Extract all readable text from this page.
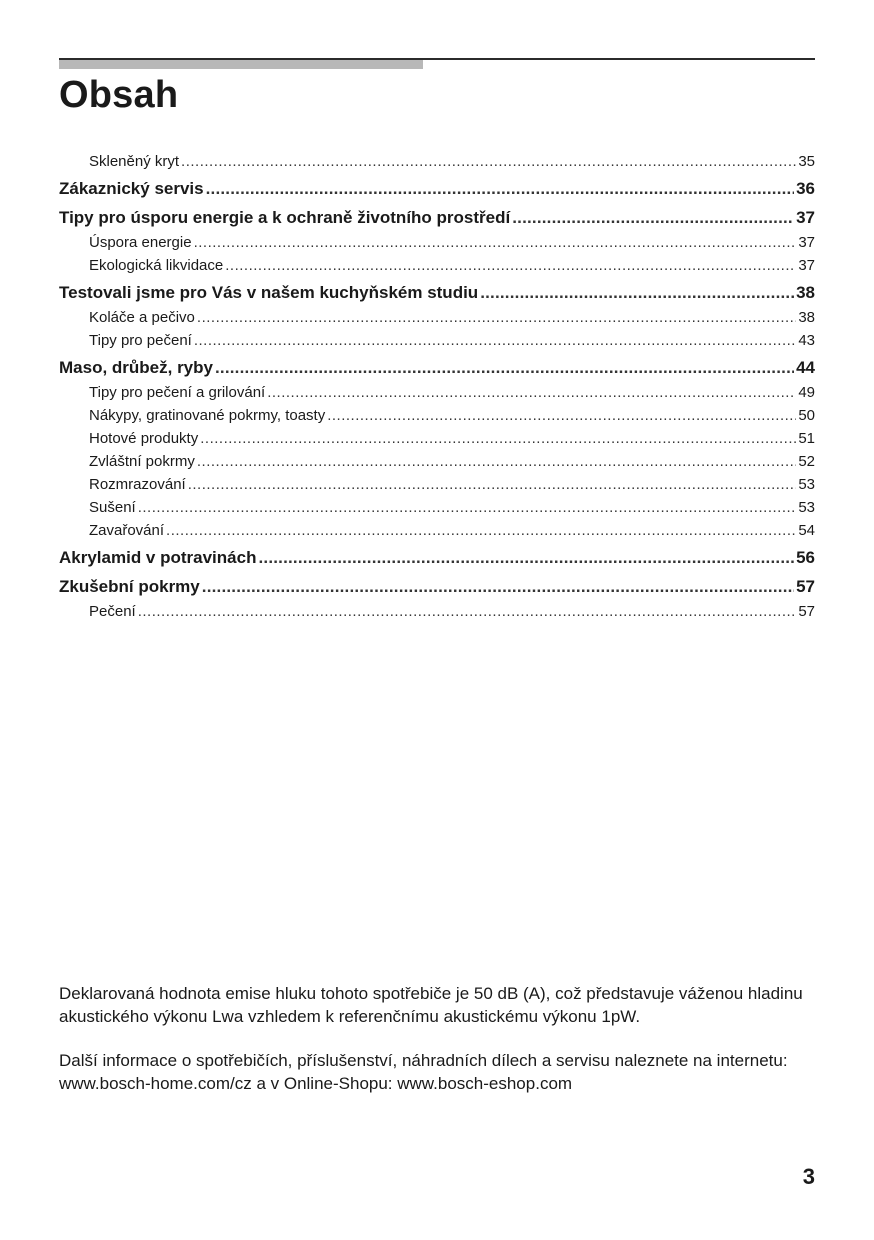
Obsah
Skleněný kryt .....	35
Zákaznický servis .....	36
Tipy pro úsporu energie a k ochraně životního prostředí .....	37
Úspora energie .....	37
Ekologická likvidace .....	37
Testovali jsme pro Vás v našem kuchyňském studiu .....	38
Koláče a pečivo .....	38
Tipy pro pečení .....	43
Maso, drůbež, ryby .....	44
Tipy pro pečení a grilování .....	49
Nákypy, gratinované pokrmy, toasty .....	50
Hotové produkty .....	51
Zvláštní pokrmy .....	52
Rozmrazování .....	53
Sušení .....	53
Zavařování .....	54
Akrylamid v potravinách .....	56
Zkušební pokrmy .....	57
Pečení .....	57

Deklarovaná hodnota emise hluku tohoto spotřebiče je 50 dB (A), což představuje váženou hladinu akustického výkonu Lwa vzhledem k referenčnímu akustickému výkonu 1pW.

Další informace o spotřebičích, příslušenství, náhradních dílech a servisu naleznete na internetu: www.bosch-home.com/cz a v Online-Shopu: www.bosch-eshop.com

3
